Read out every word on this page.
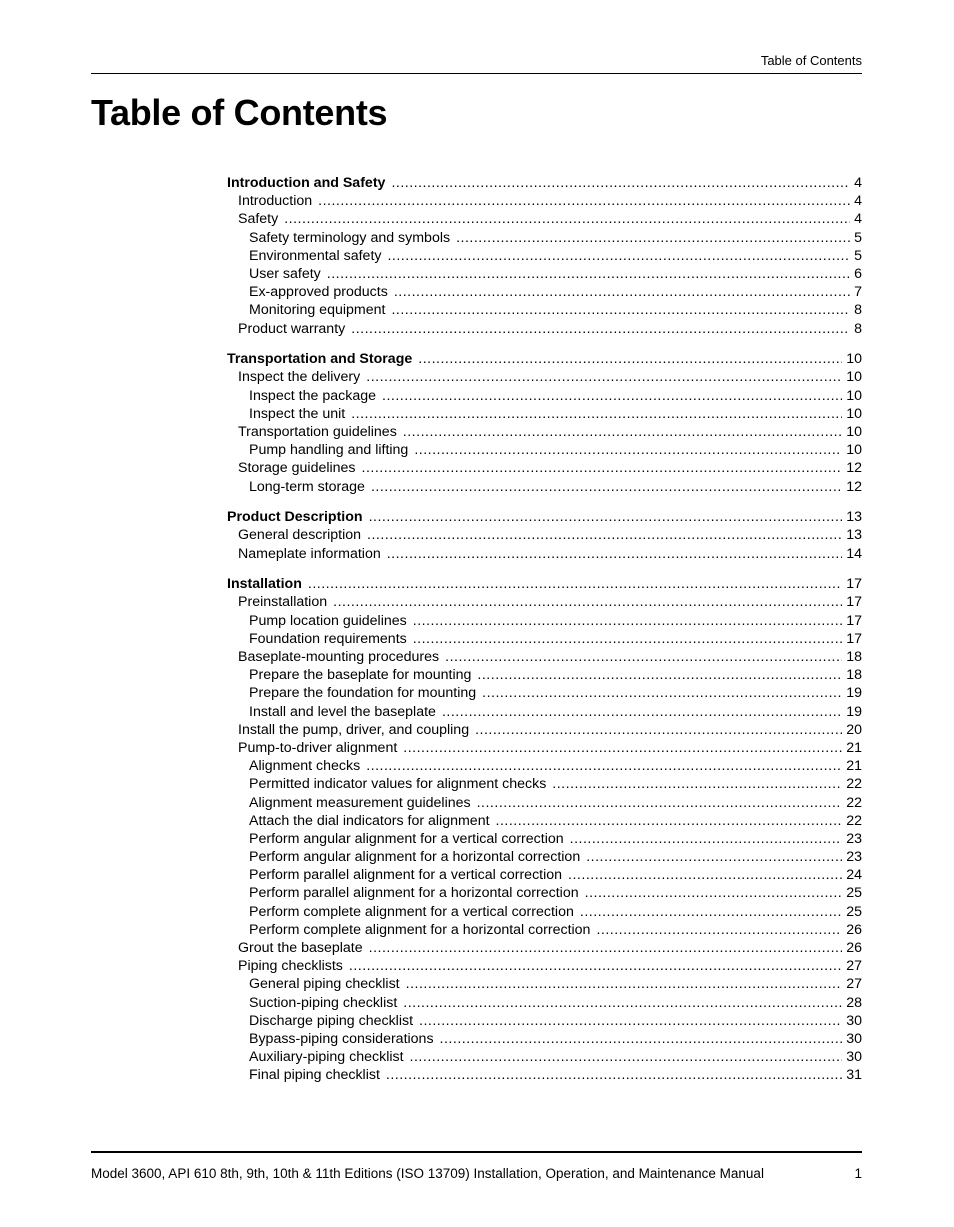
Table of Contents
Table of Contents
Introduction and Safety .....	4
Introduction .....	4
Safety .....	4
Safety terminology and symbols .....	5
Environmental safety .....	5
User safety .....	6
Ex-approved products .....	7
Monitoring equipment .....	8
Product warranty .....	8
Transportation and Storage .....	10
Inspect the delivery .....	10
Inspect the package .....	10
Inspect the unit .....	10
Transportation guidelines .....	10
Pump handling and lifting .....	10
Storage guidelines .....	12
Long-term storage .....	12
Product Description .....	13
General description .....	13
Nameplate information .....	14
Installation .....	17
Preinstallation .....	17
Pump location guidelines .....	17
Foundation requirements .....	17
Baseplate-mounting procedures .....	18
Prepare the baseplate for mounting .....	18
Prepare the foundation for mounting .....	19
Install and level the baseplate .....	19
Install the pump, driver, and coupling .....	20
Pump-to-driver alignment .....	21
Alignment checks .....	21
Permitted indicator values for alignment checks .....	22
Alignment measurement guidelines .....	22
Attach the dial indicators for alignment .....	22
Perform angular alignment for a vertical correction .....	23
Perform angular alignment for a horizontal correction .....	23
Perform parallel alignment for a vertical correction .....	24
Perform parallel alignment for a horizontal correction .....	25
Perform complete alignment for a vertical correction .....	25
Perform complete alignment for a horizontal correction .....	26
Grout the baseplate .....	26
Piping checklists .....	27
General piping checklist .....	27
Suction-piping checklist .....	28
Discharge piping checklist .....	30
Bypass-piping considerations .....	30
Auxiliary-piping checklist .....	30
Final piping checklist .....	31
Model 3600, API 610 8th, 9th, 10th & 11th Editions (ISO 13709) Installation, Operation, and Maintenance Manual	1
